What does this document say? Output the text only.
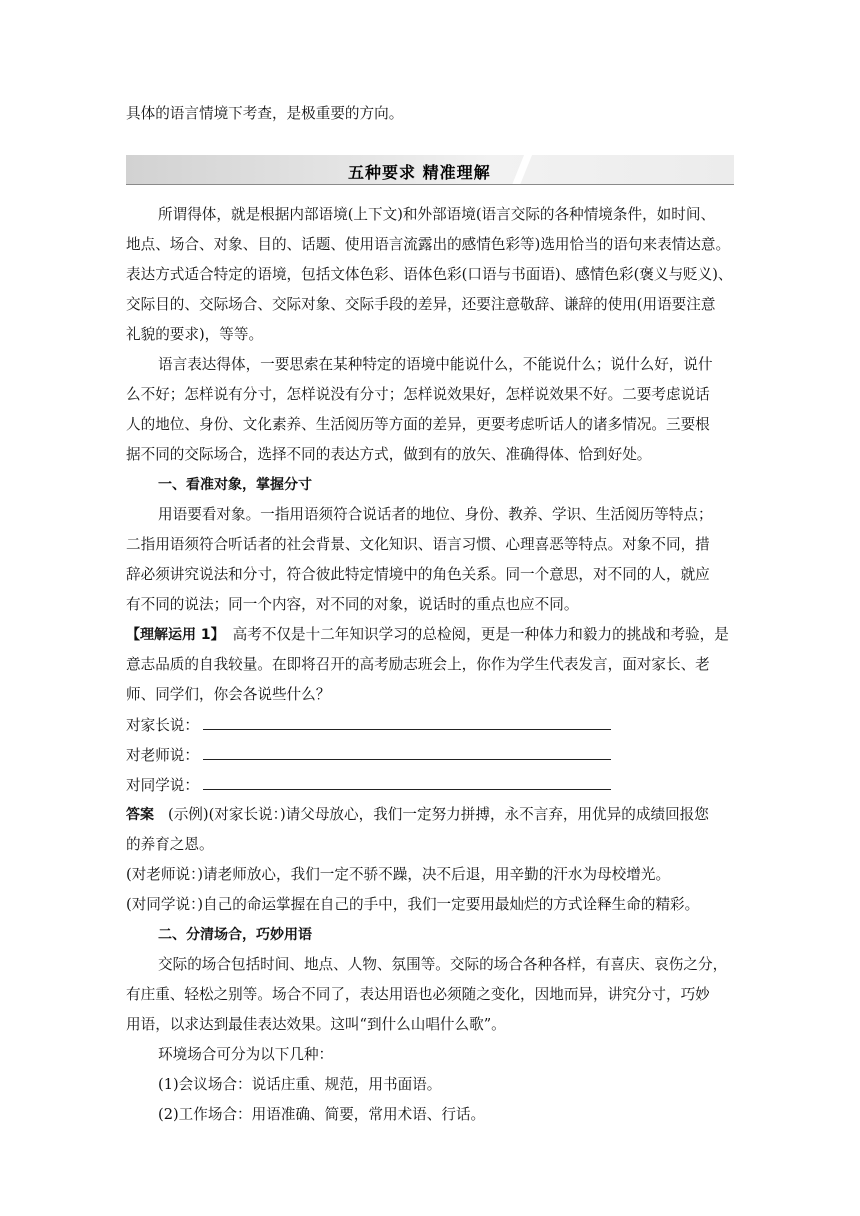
具体的语言情境下考查，是极重要的方向。
五种要求 精准理解
所谓得体，就是根据内部语境(上下文)和外部语境(语言交际的各种情境条件，如时间、
地点、场合、对象、目的、话题、使用语言流露出的感情色彩等)选用恰当的语句来表情达意。
表达方式适合特定的语境，包括文体色彩、语体色彩(口语与书面语)、感情色彩(褒义与贬义)、
交际目的、交际场合、交际对象、交际手段的差异，还要注意敬辞、谦辞的使用(用语要注意
礼貌的要求)，等等。
语言表达得体，一要思索在某种特定的语境中能说什么，不能说什么；说什么好，说什
么不好；怎样说有分寸，怎样说没有分寸；怎样说效果好，怎样说效果不好。二要考虑说话
人的地位、身份、文化素养、生活阅历等方面的差异，更要考虑听话人的诸多情况。三要根
据不同的交际场合，选择不同的表达方式，做到有的放矢、准确得体、恰到好处。
一、看准对象，掌握分寸
用语要看对象。一指用语须符合说话者的地位、身份、教养、学识、生活阅历等特点；
二指用语须符合听话者的社会背景、文化知识、语言习惯、心理喜恶等特点。对象不同，措
辞必须讲究说法和分寸，符合彼此特定情境中的角色关系。同一个意思，对不同的人，就应
有不同的说法；同一个内容，对不同的对象，说话时的重点也应不同。
【理解运用 1】 高考不仅是十二年知识学习的总检阅，更是一种体力和毅力的挑战和考验，是
意志品质的自我较量。在即将召开的高考励志班会上，你作为学生代表发言，面对家长、老
师、同学们，你会各说些什么？
对家长说：
对老师说：
对同学说：
答案 (示例)(对家长说：)请父母放心，我们一定努力拼搏，永不言弃，用优异的成绩回报您
的养育之恩。
(对老师说：)请老师放心，我们一定不骄不躁，决不后退，用辛勤的汗水为母校增光。
(对同学说：)自己的命运掌握在自己的手中，我们一定要用最灿烂的方式诠释生命的精彩。
二、分清场合，巧妙用语
交际的场合包括时间、地点、人物、氛围等。交际的场合各种各样，有喜庆、哀伤之分，
有庄重、轻松之别等。场合不同了，表达用语也必须随之变化，因地而异，讲究分寸，巧妙
用语，以求达到最佳表达效果。这叫“到什么山唱什么歌”。
环境场合可分为以下几种：
(1)会议场合：说话庄重、规范，用书面语。
(2)工作场合：用语准确、简要，常用术语、行话。
